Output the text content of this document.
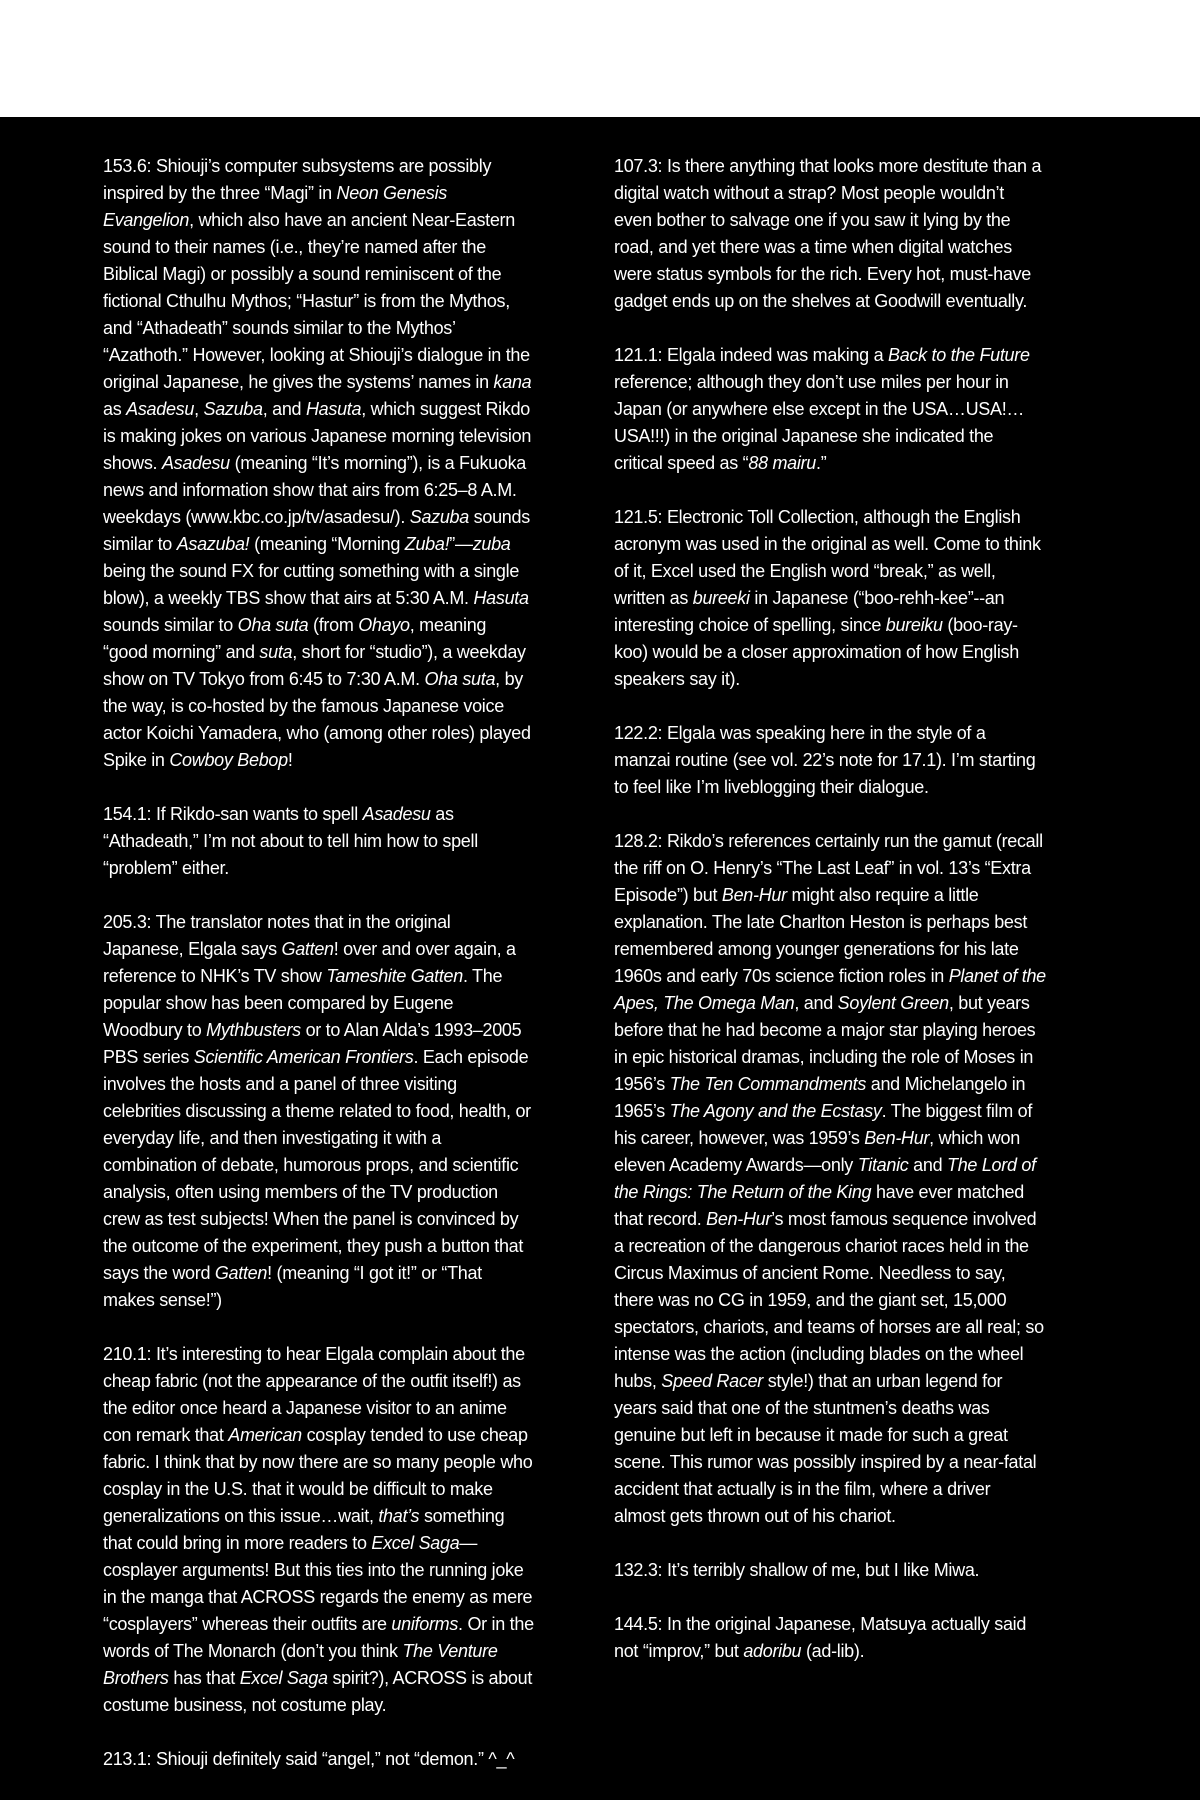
153.6: Shiouji’s computer subsystems are possibly inspired by the three “Magi” in Neon Genesis Evangelion, which also have an ancient Near-Eastern sound to their names (i.e., they’re named after the Biblical Magi) or possibly a sound reminiscent of the fictional Cthulhu Mythos; “Hastur” is from the Mythos, and “Athadeath” sounds similar to the Mythos’ “Azathoth.” However, looking at Shiouji’s dialogue in the original Japanese, he gives the systems’ names in kana as Asadesu, Sazuba, and Hasuta, which suggest Rikdo is making jokes on various Japanese morning television shows. Asadesu (meaning “It’s morning”), is a Fukuoka news and information show that airs from 6:25–8 A.M. weekdays (www.kbc.co.jp/tv/asadesu/). Sazuba sounds similar to Asazuba! (meaning “Morning Zuba!”—zuba being the sound FX for cutting something with a single blow), a weekly TBS show that airs at 5:30 A.M. Hasuta sounds similar to Oha suta (from Ohayo, meaning “good morning” and suta, short for “studio”), a weekday show on TV Tokyo from 6:45 to 7:30 A.M. Oha suta, by the way, is co-hosted by the famous Japanese voice actor Koichi Yamadera, who (among other roles) played Spike in Cowboy Bebop!

154.1: If Rikdo-san wants to spell Asadesu as “Athadeath,” I’m not about to tell him how to spell “problem” either.

205.3: The translator notes that in the original Japanese, Elgala says Gatten! over and over again, a reference to NHK’s TV show Tameshite Gatten. The popular show has been compared by Eugene Woodbury to Mythbusters or to Alan Alda’s 1993–2005 PBS series Scientific American Frontiers. Each episode involves the hosts and a panel of three visiting celebrities discussing a theme related to food, health, or everyday life, and then investigating it with a combination of debate, humorous props, and scientific analysis, often using members of the TV production crew as test subjects! When the panel is convinced by the outcome of the experiment, they push a button that says the word Gatten! (meaning “I got it!” or “That makes sense!”)

210.1: It’s interesting to hear Elgala complain about the cheap fabric (not the appearance of the outfit itself!) as the editor once heard a Japanese visitor to an anime con remark that American cosplay tended to use cheap fabric. I think that by now there are so many people who cosplay in the U.S. that it would be difficult to make generalizations on this issue…wait, that’s something that could bring in more readers to Excel Saga—cosplayer arguments! But this ties into the running joke in the manga that ACROSS regards the enemy as mere “cosplayers” whereas their outfits are uniforms. Or in the words of The Monarch (don’t you think The Venture Brothers has that Excel Saga spirit?), ACROSS is about costume business, not costume play.

213.1: Shiouji definitely said “angel,” not “demon.” ^_^

107.3: Is there anything that looks more destitute than a digital watch without a strap? Most people wouldn’t even bother to salvage one if you saw it lying by the road, and yet there was a time when digital watches were status symbols for the rich. Every hot, must-have gadget ends up on the shelves at Goodwill eventually.

121.1: Elgala indeed was making a Back to the Future reference; although they don’t use miles per hour in Japan (or anywhere else except in the USA…USA!…USA!!!) in the original Japanese she indicated the critical speed as “88 mairu.”

121.5: Electronic Toll Collection, although the English acronym was used in the original as well. Come to think of it, Excel used the English word “break,” as well, written as bureeki in Japanese (“boo-rehh-kee”--an interesting choice of spelling, since bureiku (boo-ray-koo) would be a closer approximation of how English speakers say it).

122.2: Elgala was speaking here in the style of a manzai routine (see vol. 22’s note for 17.1). I’m starting to feel like I’m liveblogging their dialogue.

128.2: Rikdo’s references certainly run the gamut (recall the riff on O. Henry’s “The Last Leaf” in vol. 13’s “Extra Episode”) but Ben-Hur might also require a little explanation. The late Charlton Heston is perhaps best remembered among younger generations for his late 1960s and early 70s science fiction roles in Planet of the Apes, The Omega Man, and Soylent Green, but years before that he had become a major star playing heroes in epic historical dramas, including the role of Moses in 1956’s The Ten Commandments and Michelangelo in 1965’s The Agony and the Ecstasy. The biggest film of his career, however, was 1959’s Ben-Hur, which won eleven Academy Awards—only Titanic and The Lord of the Rings: The Return of the King have ever matched that record. Ben-Hur’s most famous sequence involved a recreation of the dangerous chariot races held in the Circus Maximus of ancient Rome. Needless to say, there was no CG in 1959, and the giant set, 15,000 spectators, chariots, and teams of horses are all real; so intense was the action (including blades on the wheel hubs, Speed Racer style!) that an urban legend for years said that one of the stuntmen’s deaths was genuine but left in because it made for such a great scene. This rumor was possibly inspired by a near-fatal accident that actually is in the film, where a driver almost gets thrown out of his chariot.

132.3: It’s terribly shallow of me, but I like Miwa.

144.5: In the original Japanese, Matsuya actually said not “improv,” but adoribu (ad-lib).
